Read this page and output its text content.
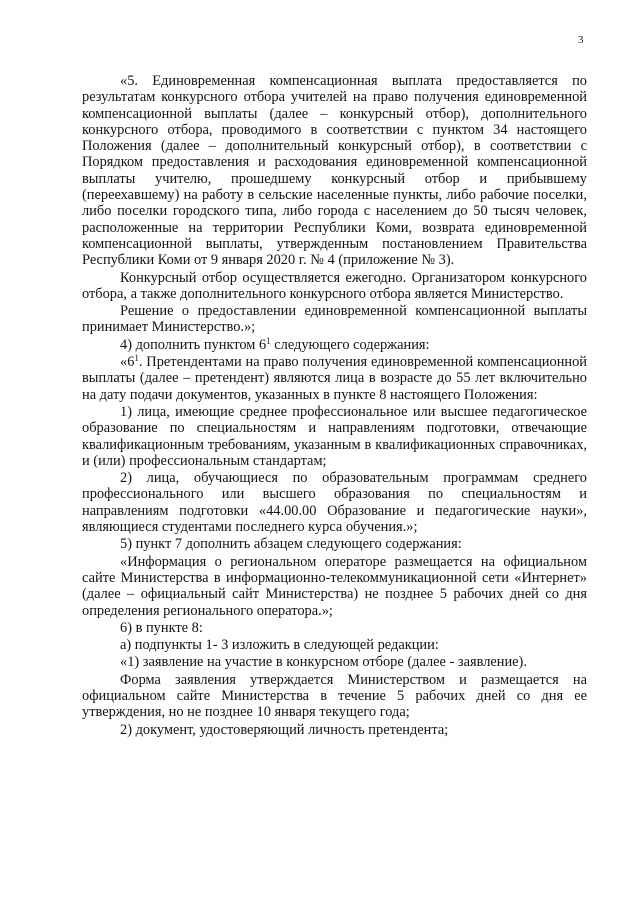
3

«5. Единовременная компенсационная выплата предоставляется по результатам конкурсного отбора учителей на право получения единовременной компенсационной выплаты (далее – конкурсный отбор), дополнительного конкурсного отбора, проводимого в соответствии с пунктом 34 настоящего Положения (далее – дополнительный конкурсный отбор), в соответствии с Порядком предоставления и расходования единовременной компенсационной выплаты учителю, прошедшему конкурсный отбор и прибывшему (переехавшему) на работу в сельские населенные пункты, либо рабочие поселки, либо поселки городского типа, либо города с населением до 50 тысяч человек, расположенные на территории Республики Коми, возврата единовременной компенсационной выплаты, утвержденным постановлением Правительства Республики Коми от 9 января 2020 г. № 4 (приложение № 3).

Конкурсный отбор осуществляется ежегодно. Организатором конкурсного отбора, а также дополнительного конкурсного отбора является Министерство.

Решение о предоставлении единовременной компенсационной выплаты принимает Министерство.»;

4) дополнить пунктом $6^1$ следующего содержания:

«$6^1$. Претендентами на право получения единовременной компенсационной выплаты (далее – претендент) являются лица в возрасте до 55 лет включительно на дату подачи документов, указанных в пункте 8 настоящего Положения:

1) лица, имеющие среднее профессиональное или высшее педагогическое образование по специальностям и направлениям подготовки, отвечающие квалификационным требованиям, указанным в квалификационных справочниках, и (или) профессиональным стандартам;

2) лица, обучающиеся по образовательным программам среднего профессионального или высшего образования по специальностям и направлениям подготовки «44.00.00 Образование и педагогические науки», являющиеся студентами последнего курса обучения.»;

5) пункт 7 дополнить абзацем следующего содержания:

«Информация о региональном операторе размещается на официальном сайте Министерства в информационно-телекоммуникационной сети «Интернет» (далее – официальный сайт Министерства) не позднее 5 рабочих дней со дня определения регионального оператора.»;

6) в пункте 8:

а) подпункты 1- 3 изложить в следующей редакции:

«1) заявление на участие в конкурсном отборе (далее - заявление).

Форма заявления утверждается Министерством и размещается на официальном сайте Министерства в течение 5 рабочих дней со дня ее утверждения, но не позднее 10 января текущего года;

2) документ, удостоверяющий личность претендента;
